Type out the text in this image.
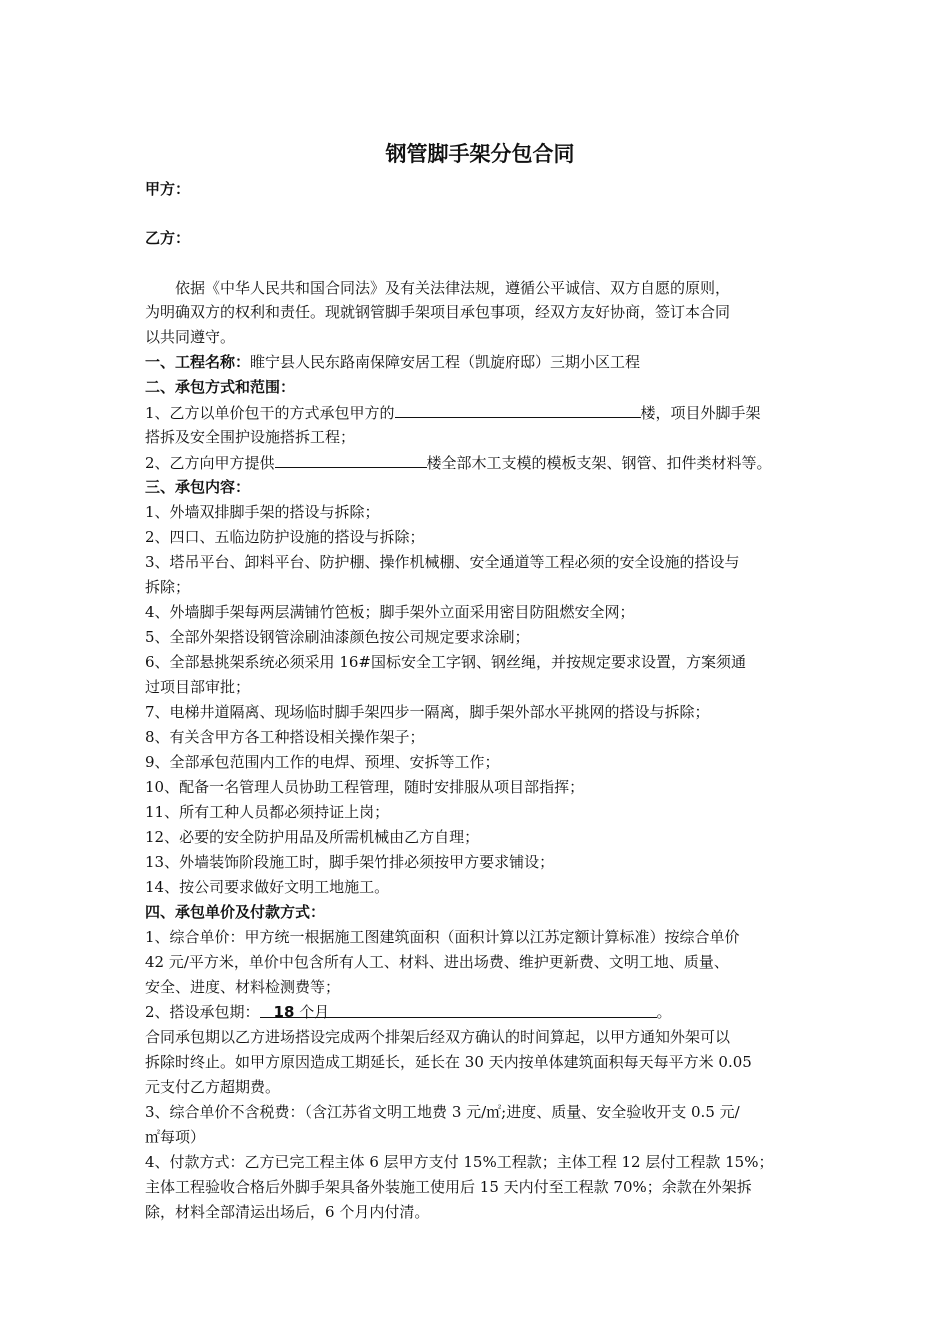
钢管脚手架分包合同
甲方：
乙方：
依据《中华人民共和国合同法》及有关法律法规，遵循公平诚信、双方自愿的原则，
为明确双方的权利和责任。现就钢管脚手架项目承包事项，经双方友好协商，签订本合同
以共同遵守。
一、工程名称：睢宁县人民东路南保障安居工程（凯旋府邸）三期小区工程
二、承包方式和范围：
1、乙方以单价包干的方式承包甲方的	楼，项目外脚手架
搭拆及安全围护设施搭拆工程；
2、乙方向甲方提供	楼全部木工支模的模板支架、钢管、扣件类材料等。
三、承包内容：
1、外墙双排脚手架的搭设与拆除；
2、四口、五临边防护设施的搭设与拆除；
3、塔吊平台、卸料平台、防护棚、操作机械棚、安全通道等工程必须的安全设施的搭设与
拆除；
4、外墙脚手架每两层满铺竹笆板；脚手架外立面采用密目防阻燃安全网；
5、全部外架搭设钢管涂刷油漆颜色按公司规定要求涂刷；
6、全部悬挑架系统必须采用 16#国标安全工字钢、钢丝绳，并按规定要求设置，方案须通
过项目部审批；
7、电梯井道隔离、现场临时脚手架四步一隔离，脚手架外部水平挑网的搭设与拆除；
8、有关含甲方各工种搭设相关操作架子；
9、全部承包范围内工作的电焊、预埋、安拆等工作；
10、配备一名管理人员协助工程管理，随时安排服从项目部指挥；
11、所有工种人员都必须持证上岗；
12、必要的安全防护用品及所需机械由乙方自理；
13、外墙装饰阶段施工时，脚手架竹排必须按甲方要求铺设；
14、按公司要求做好文明工地施工。
四、承包单价及付款方式：
1、综合单价：甲方统一根据施工图建筑面积（面积计算以江苏定额计算标准）按综合单价
42 元/平方米，单价中包含所有人工、材料、进出场费、维护更新费、文明工地、质量、
安全、进度、材料检测费等；
2、搭设承包期： 18 个月	。
合同承包期以乙方进场搭设完成两个排架后经双方确认的时间算起，以甲方通知外架可以
拆除时终止。如甲方原因造成工期延长，延长在 30 天内按单体建筑面积每天每平方米 0.05
元支付乙方超期费。
3、综合单价不含税费：（含江苏省文明工地费 3 元/㎡;进度、质量、安全验收开支 0.5 元/
㎡每项）
4、付款方式：乙方已完工程主体 6 层甲方支付 15%工程款；主体工程 12 层付工程款 15%；
主体工程验收合格后外脚手架具备外装施工使用后 15 天内付至工程款 70%；余款在外架拆
除，材料全部清运出场后，6 个月内付清。
